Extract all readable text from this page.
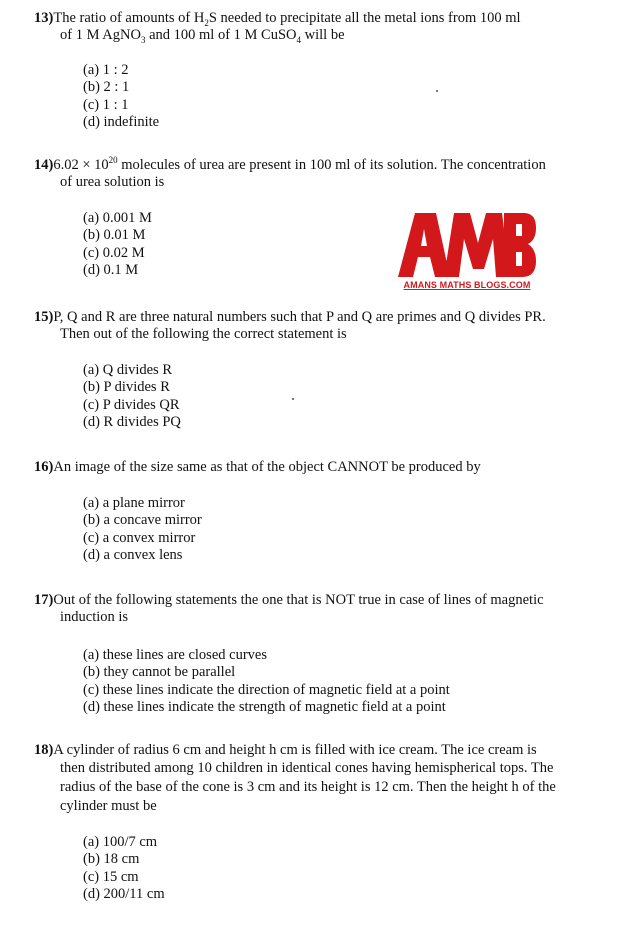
13)The ratio of amounts of $H_2S$ needed to precipitate all the metal ions from 100 ml
of 1 M AgNO$_3$ and 100 ml of 1 M CuSO$_4$ will be
(a) 1 : 2
(b) 2 : 1
(c) 1 : 1
(d) indefinite
$14)6.02 \times 10^{20}$ molecules of urea are present in 100 ml of its solution. The concentration
of urea solution is
(a) 0.001 M
(b) 0.01 M
(c) 0.02 M
(d) 0.1 M
AMANS MATHS BLOGS.COM
15)P, Q and R are three natural numbers such that P and Q are primes and Q divides PR.
Then out of the following the correct statement is
(a) Q divides R
(b) P divides R
(c) P divides QR
(d) R divides PQ
16)An image of the size same as that of the object CANNOT be produced by
(a) a plane mirror
(b) a concave mirror
(c) a convex mirror
(d) a convex lens
17)Out of the following statements the one that is NOT true in case of lines of magnetic
induction is
(a) these lines are closed curves
(b) they cannot be parallel
(c) these lines indicate the direction of magnetic field at a point
(d) these lines indicate the strength of magnetic field at a point
18)A cylinder of radius 6 cm and height h cm is filled with ice cream. The ice cream is
then distributed among 10 children in identical cones having hemispherical tops. The
radius of the base of the cone is 3 cm and its height is 12 cm. Then the height h of the
cylinder must be
(a) 100/7 cm
(b) 18 cm
(c) 15 cm
(d) 200/11 cm
